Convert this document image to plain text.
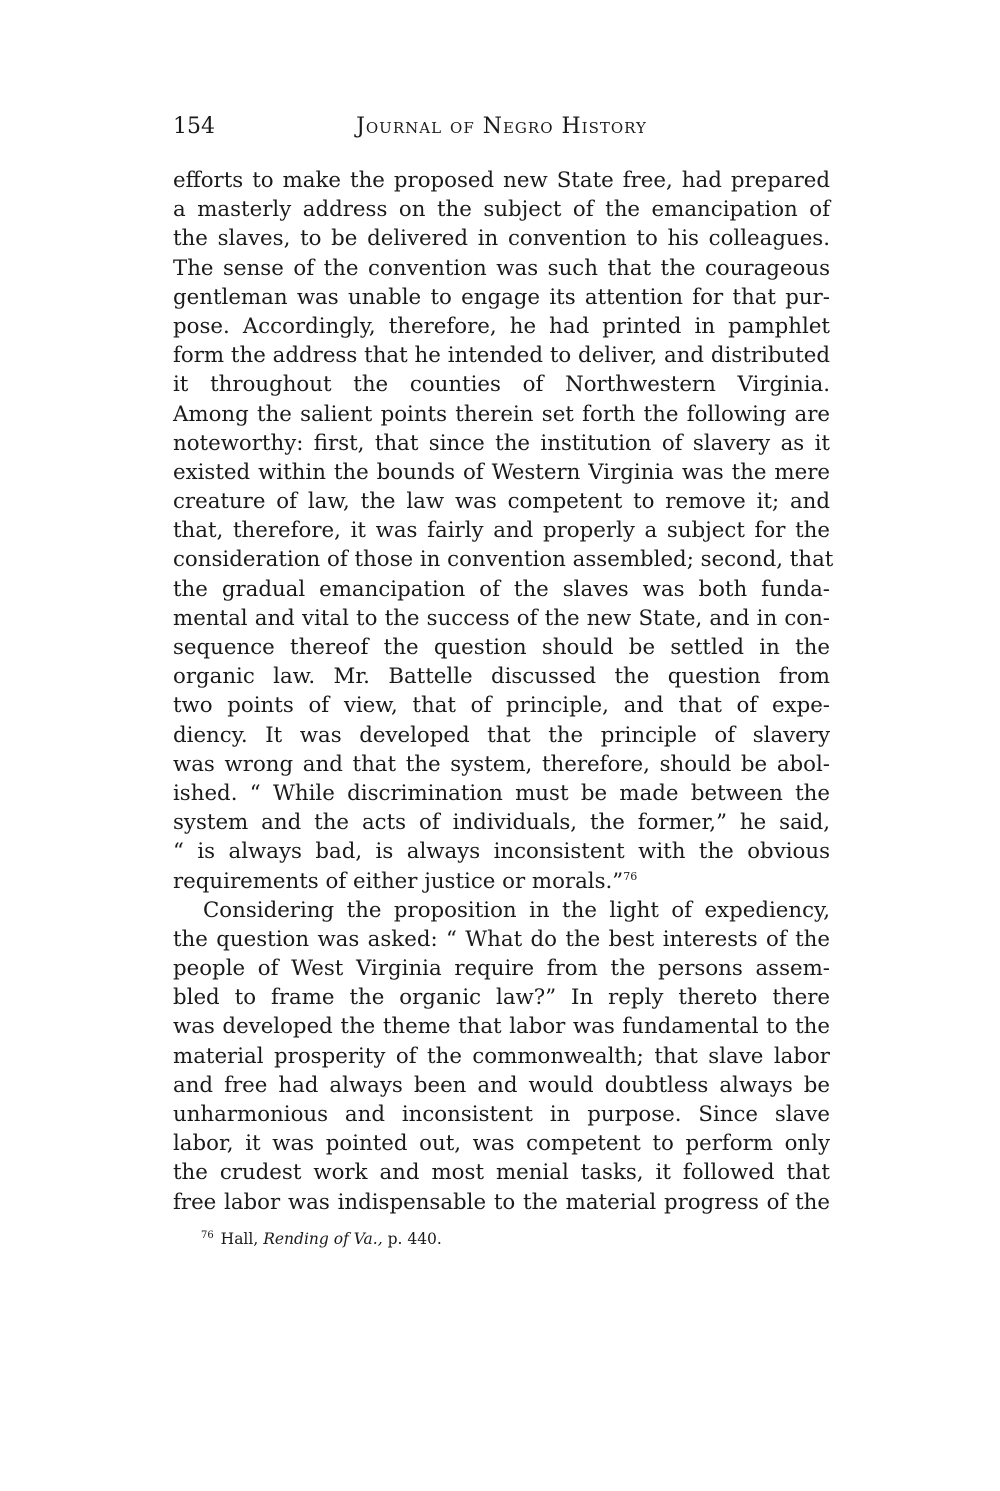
154	Journal of Negro History
efforts to make the proposed new State free, had prepared
a masterly address on the subject of the emancipation of
the slaves, to be delivered in convention to his colleagues.
The sense of the convention was such that the courageous
gentleman was unable to engage its attention for that pur-
pose. Accordingly, therefore, he had printed in pamphlet
form the address that he intended to deliver, and distributed
it throughout the counties of Northwestern Virginia.
Among the salient points therein set forth the following are
noteworthy: first, that since the institution of slavery as it
existed within the bounds of Western Virginia was the mere
creature of law, the law was competent to remove it; and
that, therefore, it was fairly and properly a subject for the
consideration of those in convention assembled; second, that
the gradual emancipation of the slaves was both funda-
mental and vital to the success of the new State, and in con-
sequence thereof the question should be settled in the
organic law. Mr. Battelle discussed the question from
two points of view, that of principle, and that of expe-
diency. It was developed that the principle of slavery
was wrong and that the system, therefore, should be abol-
ished. “ While discrimination must be made between the
system and the acts of individuals, the former,” he said,
“ is always bad, is always inconsistent with the obvious
requirements of either justice or morals.”$^{76}$
Considering the proposition in the light of expediency,
the question was asked: “ What do the best interests of the
people of West Virginia require from the persons assem-
bled to frame the organic law?” In reply thereto there
was developed the theme that labor was fundamental to the
material prosperity of the commonwealth; that slave labor
and free had always been and would doubtless always be
unharmonious and inconsistent in purpose. Since slave
labor, it was pointed out, was competent to perform only
the crudest work and most menial tasks, it followed that
free labor was indispensable to the material progress of the
$^{76}$ Hall, Rending of Va., p. 440.
